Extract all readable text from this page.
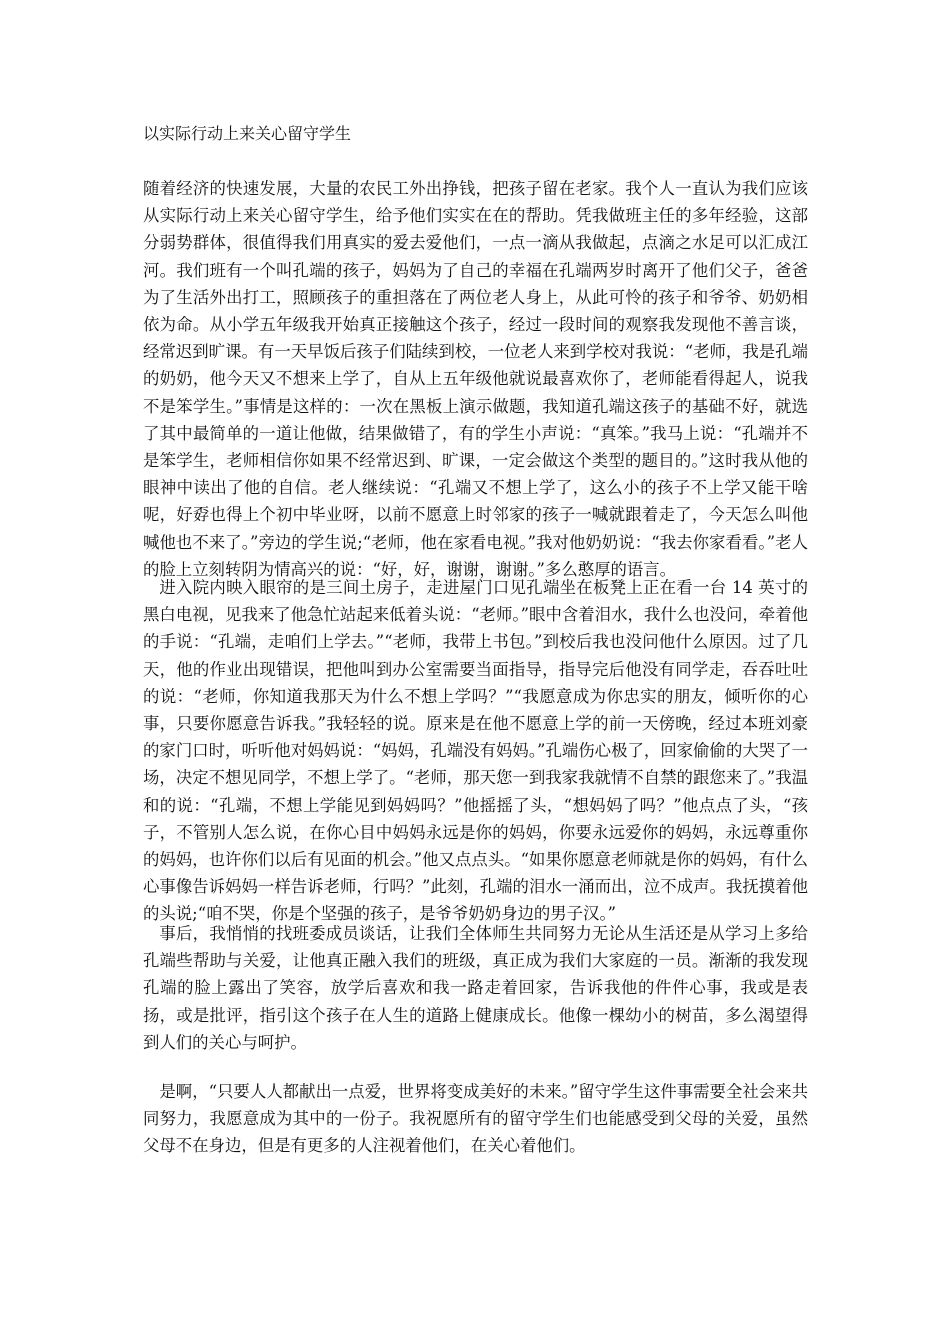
以实际行动上来关心留守学生

随着经济的快速发展，大量的农民工外出挣钱，把孩子留在老家。我个人一直认为我们应该从实际行动上来关心留守学生，给予他们实实在在的帮助。凭我做班主任的多年经验，这部分弱势群体，很值得我们用真实的爱去爱他们，一点一滴从我做起，点滴之水足可以汇成江河。我们班有一个叫孔端的孩子，妈妈为了自己的幸福在孔端两岁时离开了他们父子，爸爸为了生活外出打工，照顾孩子的重担落在了两位老人身上，从此可怜的孩子和爷爷、奶奶相依为命。从小学五年级我开始真正接触这个孩子，经过一段时间的观察我发现他不善言谈，经常迟到旷课。有一天早饭后孩子们陆续到校，一位老人来到学校对我说：“老师，我是孔端的奶奶，他今天又不想来上学了，自从上五年级他就说最喜欢你了，老师能看得起人，说我不是笨学生。”事情是这样的：一次在黑板上演示做题，我知道孔端这孩子的基础不好，就选了其中最简单的一道让他做，结果做错了，有的学生小声说：“真笨。”我马上说：“孔端并不是笨学生，老师相信你如果不经常迟到、旷课，一定会做这个类型的题目的。”这时我从他的眼神中读出了他的自信。老人继续说：“孔端又不想上学了，这么小的孩子不上学又能干啥呢，好孬也得上个初中毕业呀，以前不愿意上时邻家的孩子一喊就跟着走了，今天怎么叫他喊他也不来了。”旁边的学生说;“老师，他在家看电视。”我对他奶奶说：“我去你家看看。”老人的脸上立刻转阴为情高兴的说：“好，好，谢谢，谢谢。”多么憨厚的语言。

进入院内映入眼帘的是三间土房子，走进屋门口见孔端坐在板凳上正在看一台 14 英寸的黑白电视，见我来了他急忙站起来低着头说：“老师。”眼中含着泪水，我什么也没问，牵着他的手说：“孔端，走咱们上学去。”“老师，我带上书包。”到校后我也没问他什么原因。过了几天，他的作业出现错误，把他叫到办公室需要当面指导，指导完后他没有同学走，吞吞吐吐的说：“老师，你知道我那天为什么不想上学吗？”“我愿意成为你忠实的朋友，倾听你的心事，只要你愿意告诉我。”我轻轻的说。原来是在他不愿意上学的前一天傍晚，经过本班刘豪的家门口时，听听他对妈妈说：“妈妈，孔端没有妈妈。”孔端伤心极了，回家偷偷的大哭了一场，决定不想见同学，不想上学了。“老师，那天您一到我家我就情不自禁的跟您来了。”我温和的说：“孔端，不想上学能见到妈妈吗？”他摇摇了头，“想妈妈了吗？”他点点了头，“孩子，不管别人怎么说，在你心目中妈妈永远是你的妈妈，你要永远爱你的妈妈，永远尊重你的妈妈，也许你们以后有见面的机会。”他又点点头。“如果你愿意老师就是你的妈妈，有什么心事像告诉妈妈一样告诉老师，行吗？”此刻，孔端的泪水一涌而出，泣不成声。我抚摸着他的头说;“咱不哭，你是个坚强的孩子，是爷爷奶奶身边的男子汉。”

事后，我悄悄的找班委成员谈话，让我们全体师生共同努力无论从生活还是从学习上多给孔端些帮助与关爱，让他真正融入我们的班级，真正成为我们大家庭的一员。渐渐的我发现孔端的脸上露出了笑容，放学后喜欢和我一路走着回家，告诉我他的件件心事，我或是表扬，或是批评，指引这个孩子在人生的道路上健康成长。他像一棵幼小的树苗，多么渴望得到人们的关心与呵护。

是啊，“只要人人都献出一点爱，世界将变成美好的未来。”留守学生这件事需要全社会来共同努力，我愿意成为其中的一份子。我祝愿所有的留守学生们也能感受到父母的关爱，虽然父母不在身边，但是有更多的人注视着他们，在关心着他们。
